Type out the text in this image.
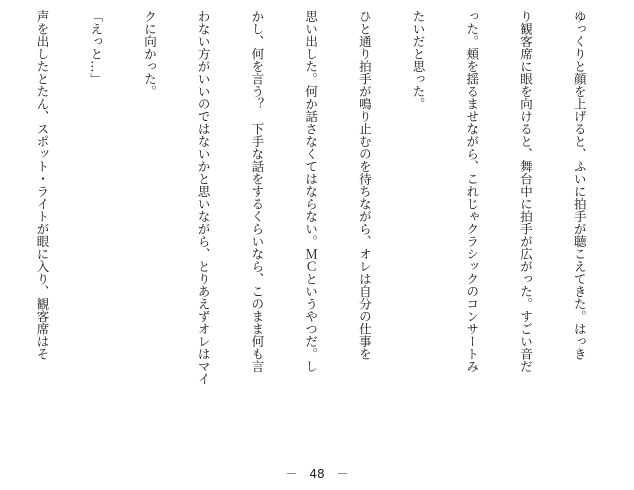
ゆっくりと顔を上げると、ふいに拍手が聴こえてきた。はっき

り観客席に眼を向けると、舞台中に拍手が広がった。すごい音だ

った。頬を揺るませながら、これじゃクラシックのコンサートみ

たいだと思った。

ひと通り拍手が鳴り止むのを待ちながら、オレは自分の仕事を

思い出した。何か話さなくてはならない。ＭＣというやつだ。し

かし、何を言う？　下手な話をするくらいなら、このまま何も言

わない方がいいのではないかと思いながら、とりあえずオレはマイ

クに向かった。

「えっと…」

声を出したとたん、スポット・ライトが眼に入り、観客席はそ

－　48　－
